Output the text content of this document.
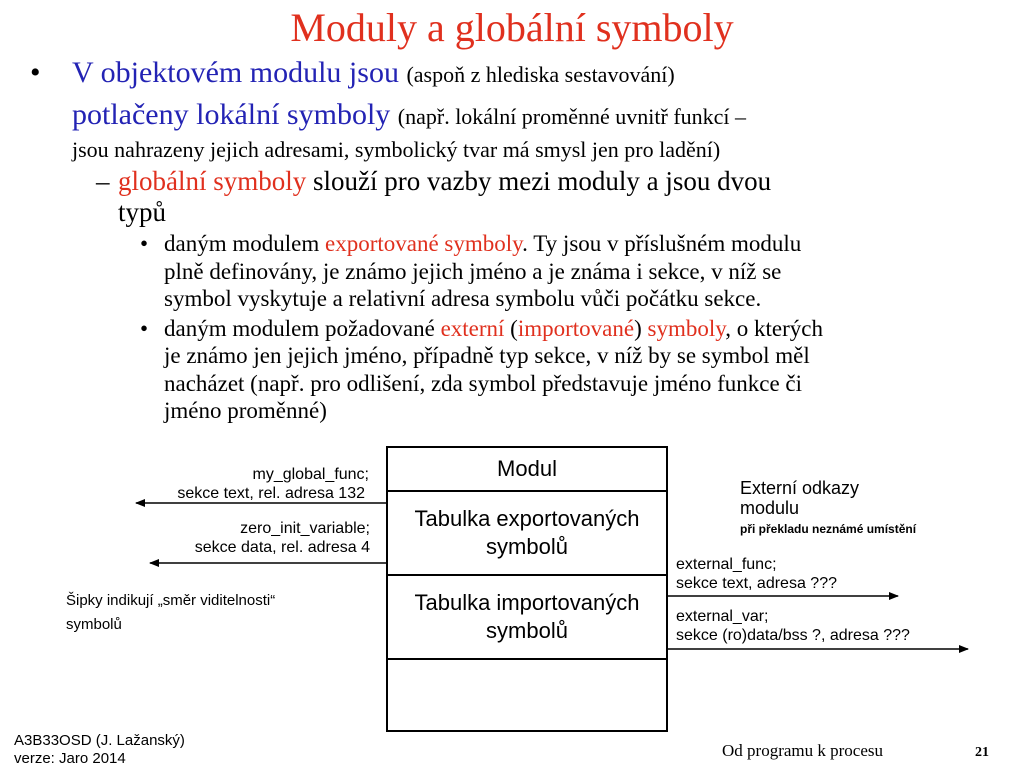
Moduly a globální symboly
• V objektovém modulu jsou (aspoň z hlediska sestavování)
potlačeny lokální symboly (např. lokální proměnné uvnitř funkcí –
jsou nahrazeny jejich adresami, symbolický tvar má smysl jen pro ladění)
– globální symboly slouží pro vazby mezi moduly a jsou dvou
typů
• daným modulem exportované symboly. Ty jsou v příslušném modulu
plně definovány, je známo jejich jméno a je známa i sekce, v níž se
symbol vyskytuje a relativní adresa symbolu vůči počátku sekce.
• daným modulem požadované externí (importované) symboly, o kterých
je známo jen jejich jméno, případně typ sekce, v níž by se symbol měl
nacházet (např. pro odlišení, zda symbol představuje jméno funkce či
jméno proměnné)
Modul
Tabulka exportovaných
symbolů
Tabulka importovaných
symbolů
my_global_func;
sekce text, rel. adresa 132
zero_init_variable;
sekce data, rel. adresa 4
Šipky indikují „směr viditelnosti“
symbolů
Externí odkazy
modulu
při překladu neznámé umístění
external_func;
sekce text, adresa ???
external_var;
sekce (ro)data/bss ?, adresa ???
A3B33OSD (J. Lažanský)
verze: Jaro 2014	Od programu k procesu	21
